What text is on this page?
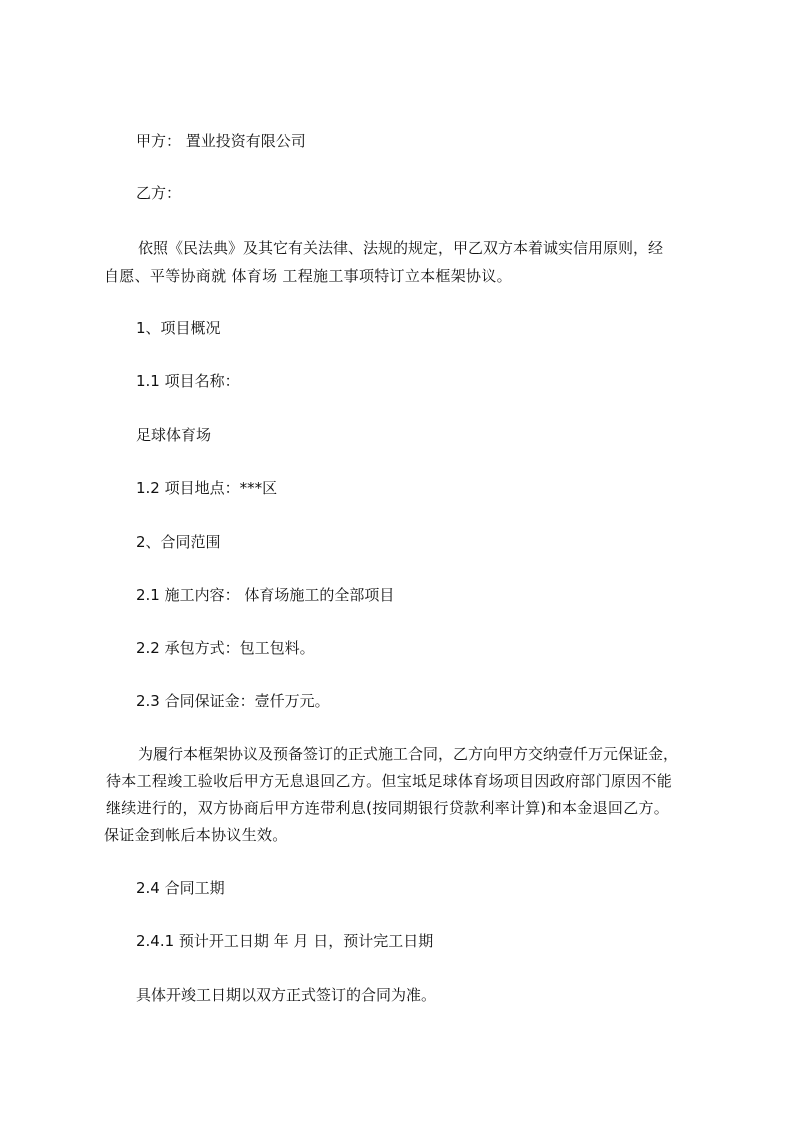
甲方： 置业投资有限公司
乙方：
依照《民法典》及其它有关法律、法规的规定，甲乙双方本着诚实信用原则，经
自愿、平等协商就 体育场 工程施工事项特订立本框架协议。
1、项目概况
1.1 项目名称：
足球体育场
1.2 项目地点：***区
2、合同范围
2.1 施工内容： 体育场施工的全部项目
2.2 承包方式：包工包料。
2.3 合同保证金：壹仟万元。
为履行本框架协议及预备签订的正式施工合同，乙方向甲方交纳壹仟万元保证金，
待本工程竣工验收后甲方无息退回乙方。但宝坻足球体育场项目因政府部门原因不能
继续进行的，双方协商后甲方连带利息(按同期银行贷款利率计算)和本金退回乙方。
保证金到帐后本协议生效。
2.4 合同工期
2.4.1 预计开工日期 年 月 日，预计完工日期
具体开竣工日期以双方正式签订的合同为准。
